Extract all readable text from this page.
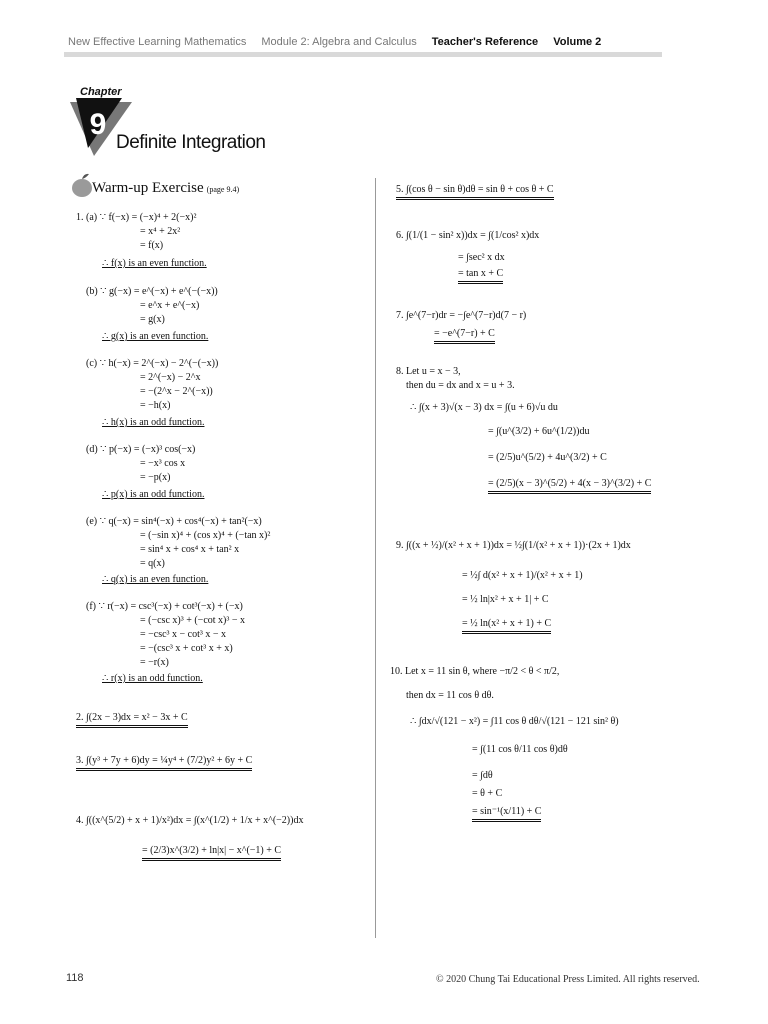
New Effective Learning Mathematics Module 2: Algebra and Calculus Teacher's Reference Volume 2
Chapter
9
Definite Integration
Warm-up Exercise (page 9.4)
1. (a) ∵ f(−x) = (−x)⁴ + 2(−x)²
= x⁴ + 2x²
= f(x)
∴ f(x) is an even function.
(b) ∵ g(−x) = e^(−x) + e^(−(−x))
= e^x + e^(−x)
= g(x)
∴ g(x) is an even function.
(c) ∵ h(−x) = 2^(−x) − 2^(−(−x))
= 2^(−x) − 2^x
= −(2^x − 2^(−x))
= −h(x)
∴ h(x) is an odd function.
(d) ∵ p(−x) = (−x)³ cos(−x)
= −x³ cos x
= −p(x)
∴ p(x) is an odd function.
(e) ∵ q(−x) = sin⁴(−x) + cos⁴(−x) + tan²(−x)
= (−sin x)⁴ + (cos x)⁴ + (−tan x)²
= sin⁴ x + cos⁴ x + tan² x
= q(x)
∴ q(x) is an even function.
(f) ∵ r(−x) = csc³(−x) + cot³(−x) + (−x)
= (−csc x)³ + (−cot x)³ − x
= −csc³ x − cot³ x − x
= −(csc³ x + cot³ x + x)
= −r(x)
∴ r(x) is an odd function.
2. ∫(2x − 3)dx = x² − 3x + C
3. ∫(y³ + 7y + 6)dy = ¼y⁴ + (7/2)y² + 6y + C
4. ∫((x^(5/2) + x + 1)/x²)dx = ∫(x^(1/2) + 1/x + x^(−2))dx
= (2/3)x^(3/2) + ln|x| − x^(−1) + C
5. ∫(cos θ − sin θ)dθ = sin θ + cos θ + C
6. ∫(1/(1 − sin² x))dx = ∫(1/cos² x)dx
= ∫sec² x dx
= tan x + C
7. ∫e^(7−r)dr = −∫e^(7−r)d(7 − r)
= −e^(7−r) + C
8. Let u = x − 3,
then du = dx and x = u + 3.
∴ ∫(x + 3)√(x − 3) dx = ∫(u + 6)√u du
= ∫(u^(3/2) + 6u^(1/2))du
= (2/5)u^(5/2) + 4u^(3/2) + C
= (2/5)(x − 3)^(5/2) + 4(x − 3)^(3/2) + C
9. ∫((x + ½)/(x² + x + 1))dx = ½∫(1/(x² + x + 1))·(2x + 1)dx
= ½∫ d(x² + x + 1)/(x² + x + 1)
= ½ ln|x² + x + 1| + C
= ½ ln(x² + x + 1) + C
10. Let x = 11 sin θ, where −π/2 < θ < π/2,
then dx = 11 cos θ dθ.
∴ ∫dx/√(121 − x²) = ∫11 cos θ dθ/√(121 − 121 sin² θ)
= ∫(11 cos θ/11 cos θ)dθ
= ∫dθ
= θ + C
= sin⁻¹(x/11) + C
118	© 2020 Chung Tai Educational Press Limited. All rights reserved.
